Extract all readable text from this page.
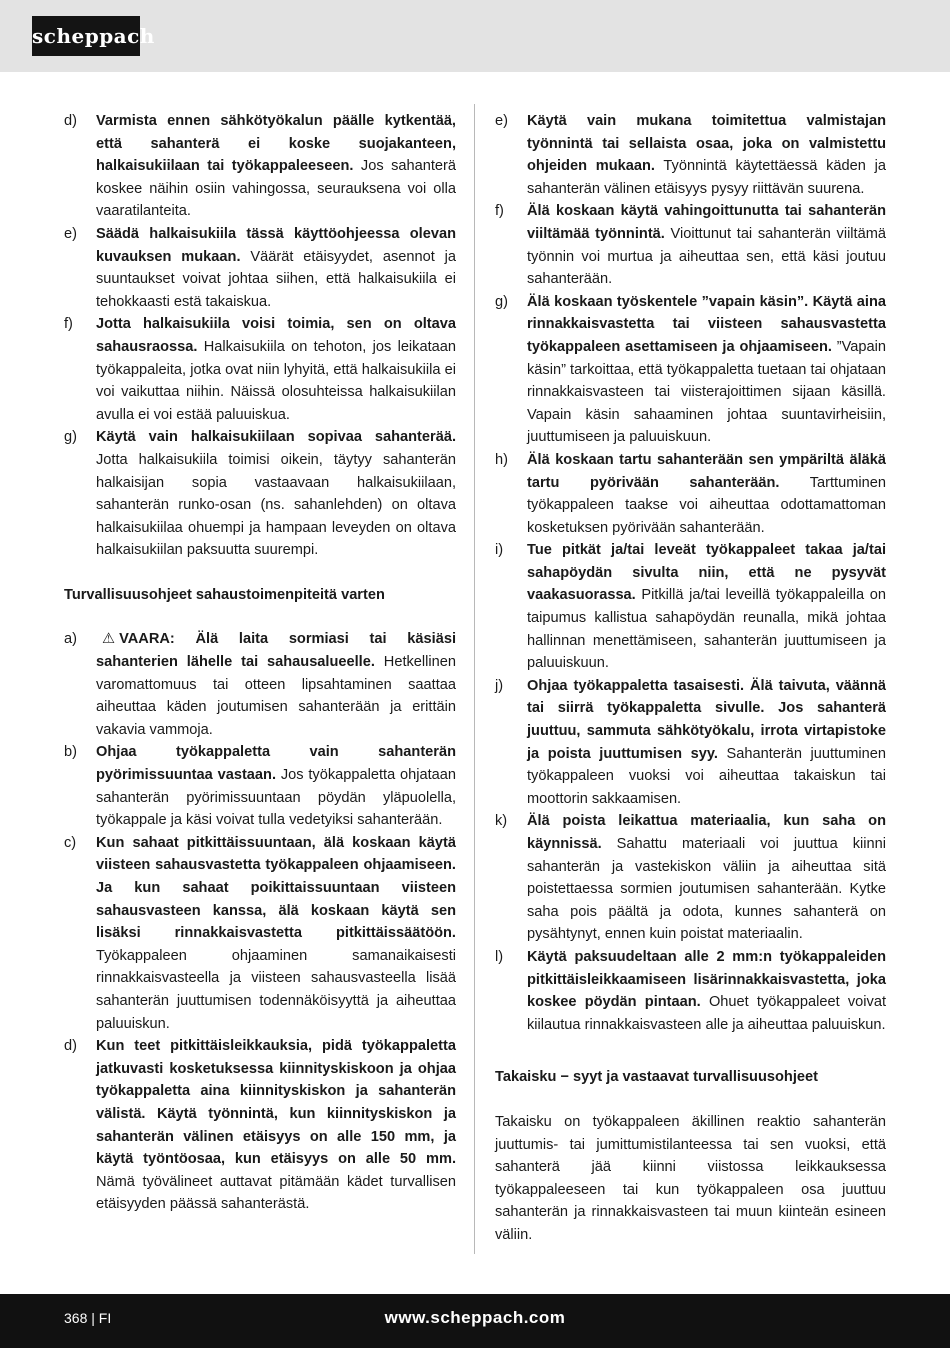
scheppach
d)	Varmista ennen sähkötyökalun päälle kytkentää, että sahanterä ei koske suojakanteen, halkaisukiilaan tai työkappaleeseen. Jos sahanterä koskee näihin osiin vahingossa, seurauksena voi olla vaaratilanteita.
e)	Säädä halkaisukiila tässä käyttöohjeessa olevan kuvauksen mukaan. Väärät etäisyydet, asennot ja suuntaukset voivat johtaa siihen, että halkaisukiila ei tehokkaasti estä takaiskua.
f)	Jotta halkaisukiila voisi toimia, sen on oltava sahausraossa. Halkaisukiila on tehoton, jos leikataan työkappaleita, jotka ovat niin lyhyitä, että halkaisukiila ei voi vaikuttaa niihin. Näissä olosuhteissa halkaisukiilan avulla ei voi estää paluuiskua.
g)	Käytä vain halkaisukiilaan sopivaa sahanterää. Jotta halkaisukiila toimisi oikein, täytyy sahanterän halkaisijan sopia vastaavaan halkaisukiilaan, sahanterän runko-osan (ns. sahanlehden) on oltava halkaisukiilaa ohuempi ja hampaan leveyden on oltava halkaisukiilan paksuutta suurempi.
Turvallisuusohjeet sahaustoimenpiteitä varten
a)	⚠ VAARA: Älä laita sormiasi tai käsiäsi sahanterien lähelle tai sahausalueelle. Hetkellinen varomattomuus tai otteen lipsahtaminen saattaa aiheuttaa käden joutumisen sahanterään ja erittäin vakavia vammoja.
b)	Ohjaa työkappaletta vain sahanterän pyörimissuuntaa vastaan. Jos työkappaletta ohjataan sahanterän pyörimissuuntaan pöydän yläpuolella, työkappale ja käsi voivat tulla vedetyiksi sahanterään.
c)	Kun sahaat pitkittäissuuntaan, älä koskaan käytä viisteen sahausvastetta työkappaleen ohjaamiseen. Ja kun sahaat poikittaissuuntaan viisteen sahausvasteen kanssa, älä koskaan käytä sen lisäksi rinnakkaisvastetta pitkittäissäätöön. Työkappaleen ohjaaminen samanaikaisesti rinnakkaisvasteella ja viisteen sahausvasteella lisää sahanterän juuttumisen todennäköisyyttä ja aiheuttaa paluuiskun.
d)	Kun teet pitkittäisleikkauksia, pidä työkappaletta jatkuvasti kosketuksessa kiinnityskiskoon ja ohjaa työkappaletta aina kiinnityskiskon ja sahanterän välistä. Käytä työnnintä, kun kiinnityskiskon ja sahanterän välinen etäisyys on alle 150 mm, ja käytä työntöosaa, kun etäisyys on alle 50 mm. Nämä työvälineet auttavat pitämään kädet turvallisen etäisyyden päässä sahanterästä.
e)	Käytä vain mukana toimitettua valmistajan työnnintä tai sellaista osaa, joka on valmistettu ohjeiden mukaan. Työnnintä käytettäessä käden ja sahanterän välinen etäisyys pysyy riittävän suurena.
f)	Älä koskaan käytä vahingoittunutta tai sahanterän viiltämää työnnintä. Vioittunut tai sahanterän viiltämä työnnin voi murtua ja aiheuttaa sen, että käsi joutuu sahanterään.
g)	Älä koskaan työskentele ”vapain käsin”. Käytä aina rinnakkaisvastetta tai viisteen sahausvastetta työkappaleen asettamiseen ja ohjaamiseen. ”Vapain käsin” tarkoittaa, että työkappaletta tuetaan tai ohjataan rinnakkaisvasteen tai viisterajoittimen sijaan käsillä. Vapain käsin sahaaminen johtaa suuntavirheisiin, juuttumiseen ja paluuiskuun.
h)	Älä koskaan tartu sahanterään sen ympäriltä äläkä tartu pyörivään sahanterään. Tarttuminen työkappaleen taakse voi aiheuttaa odottamattoman kosketuksen pyörivään sahanterään.
i)	Tue pitkät ja/tai leveät työkappaleet takaa ja/tai sahapöydän sivulta niin, että ne pysyvät vaakasuorassa. Pitkillä ja/tai leveillä työkappaleilla on taipumus kallistua sahapöydän reunalla, mikä johtaa hallinnan menettämiseen, sahanterän juuttumiseen ja paluuiskuun.
j)	Ohjaa työkappaletta tasaisesti. Älä taivuta, väännä tai siirrä työkappaletta sivulle. Jos sahanterä juuttuu, sammuta sähkötyökalu, irrota virtapistoke ja poista juuttumisen syy. Sahanterän juuttuminen työkappaleen vuoksi voi aiheuttaa takaiskun tai moottorin sakkaamisen.
k)	Älä poista leikattua materiaalia, kun saha on käynnissä. Sahattu materiaali voi juuttua kiinni sahanterän ja vastekiskon väliin ja aiheuttaa sitä poistettaessa sormien joutumisen sahanterään. Kytke saha pois päältä ja odota, kunnes sahanterä on pysähtynyt, ennen kuin poistat materiaalin.
l)	Käytä paksuudeltaan alle 2 mm:n työkappaleiden pitkittäisleikkaamiseen lisärinnakkaisvastetta, joka koskee pöydän pintaan. Ohuet työkappaleet voivat kiilautua rinnakkaisvasteen alle ja aiheuttaa paluuiskun.
Takaisku − syyt ja vastaavat turvallisuusohjeet
Takaisku on työkappaleen äkillinen reaktio sahanterän juuttumis- tai jumittumistilanteessa tai sen vuoksi, että sahanterä jää kiinni viistossa leikkauksessa työkappaleeseen tai kun työkappaleen osa juuttuu sahanterän ja rinnakkaisvasteen tai muun kiinteän esineen väliin.
368 | FI	www.scheppach.com
